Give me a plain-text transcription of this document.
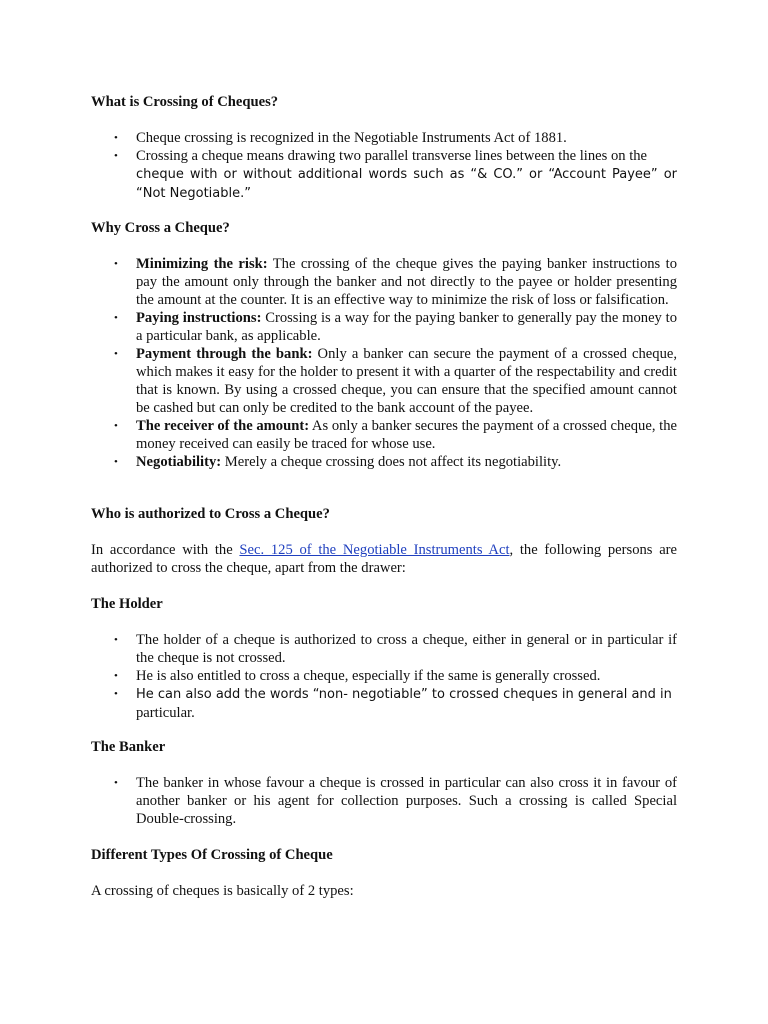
What is Crossing of Cheques?
• Cheque crossing is recognized in the Negotiable Instruments Act of 1881.
• Crossing a cheque means drawing two parallel transverse lines between the lines on the
cheque with or without additional words such as “& CO.” or “Account Payee” or “Not Negotiable.”
Why Cross a Cheque?
• Minimizing the risk: The crossing of the cheque gives the paying banker instructions to pay the amount only through the banker and not directly to the payee or holder presenting the amount at the counter. It is an effective way to minimize the risk of loss or falsification.
• Paying instructions: Crossing is a way for the paying banker to generally pay the money to a particular bank, as applicable.
• Payment through the bank: Only a banker can secure the payment of a crossed cheque, which makes it easy for the holder to present it with a quarter of the respectability and credit that is known. By using a crossed cheque, you can ensure that the specified amount cannot be cashed but can only be credited to the bank account of the payee.
• The receiver of the amount: As only a banker secures the payment of a crossed cheque, the money received can easily be traced for whose use.
• Negotiability: Merely a cheque crossing does not affect its negotiability.
Who is authorized to Cross a Cheque?

In accordance with the Sec. 125 of the Negotiable Instruments Act, the following persons are authorized to cross the cheque, apart from the drawer:

The Holder
• The holder of a cheque is authorized to cross a cheque, either in general or in particular if the cheque is not crossed.
• He is also entitled to cross a cheque, especially if the same is generally crossed.
• He can also add the words “non- negotiable” to crossed cheques in general and in
particular.
The Banker
• The banker in whose favour a cheque is crossed in particular can also cross it in favour of another banker or his agent for collection purposes. Such a crossing is called Special Double-crossing.
Different Types Of Crossing of Cheque

A crossing of cheques is basically of 2 types:
